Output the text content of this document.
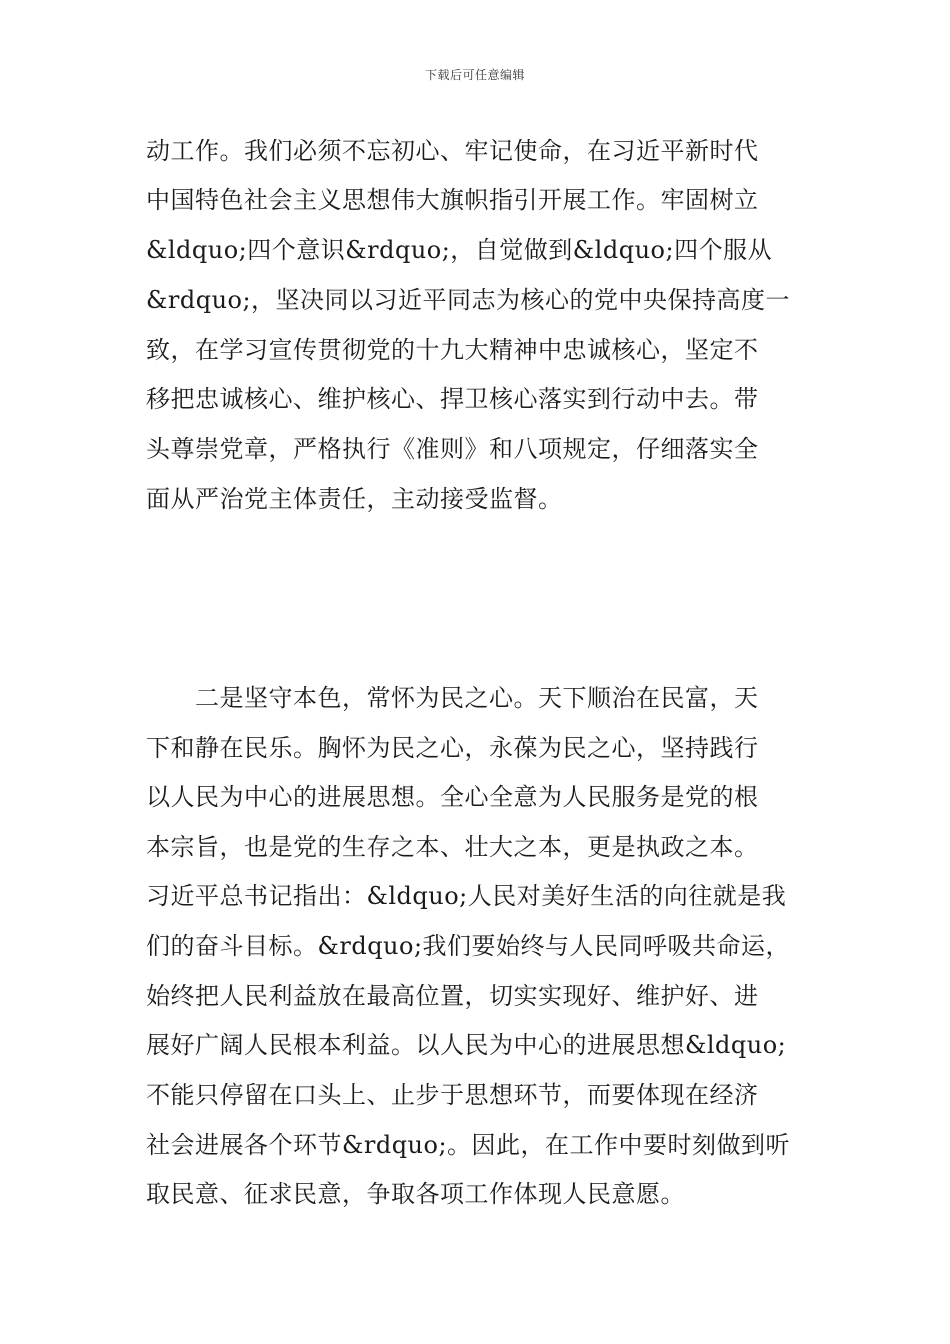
下载后可任意编辑
动工作。我们必须不忘初心、牢记使命，在习近平新时代
中国特色社会主义思想伟大旗帜指引开展工作。牢固树立
&ldquo;四个意识&rdquo;，自觉做到&ldquo;四个服从
&rdquo;，坚决同以习近平同志为核心的党中央保持高度一
致，在学习宣传贯彻党的十九大精神中忠诚核心，坚定不
移把忠诚核心、维护核心、捍卫核心落实到行动中去。带
头尊崇党章，严格执行《准则》和八项规定，仔细落实全
面从严治党主体责任，主动接受监督。
二是坚守本色，常怀为民之心。天下顺治在民富，天
下和静在民乐。胸怀为民之心，永葆为民之心，坚持践行
以人民为中心的进展思想。全心全意为人民服务是党的根
本宗旨，也是党的生存之本、壮大之本，更是执政之本。
习近平总书记指出：&ldquo;人民对美好生活的向往就是我
们的奋斗目标。&rdquo;我们要始终与人民同呼吸共命运，
始终把人民利益放在最高位置，切实实现好、维护好、进
展好广阔人民根本利益。以人民为中心的进展思想&ldquo;
不能只停留在口头上、止步于思想环节，而要体现在经济
社会进展各个环节&rdquo;。因此，在工作中要时刻做到听
取民意、征求民意，争取各项工作体现人民意愿。
